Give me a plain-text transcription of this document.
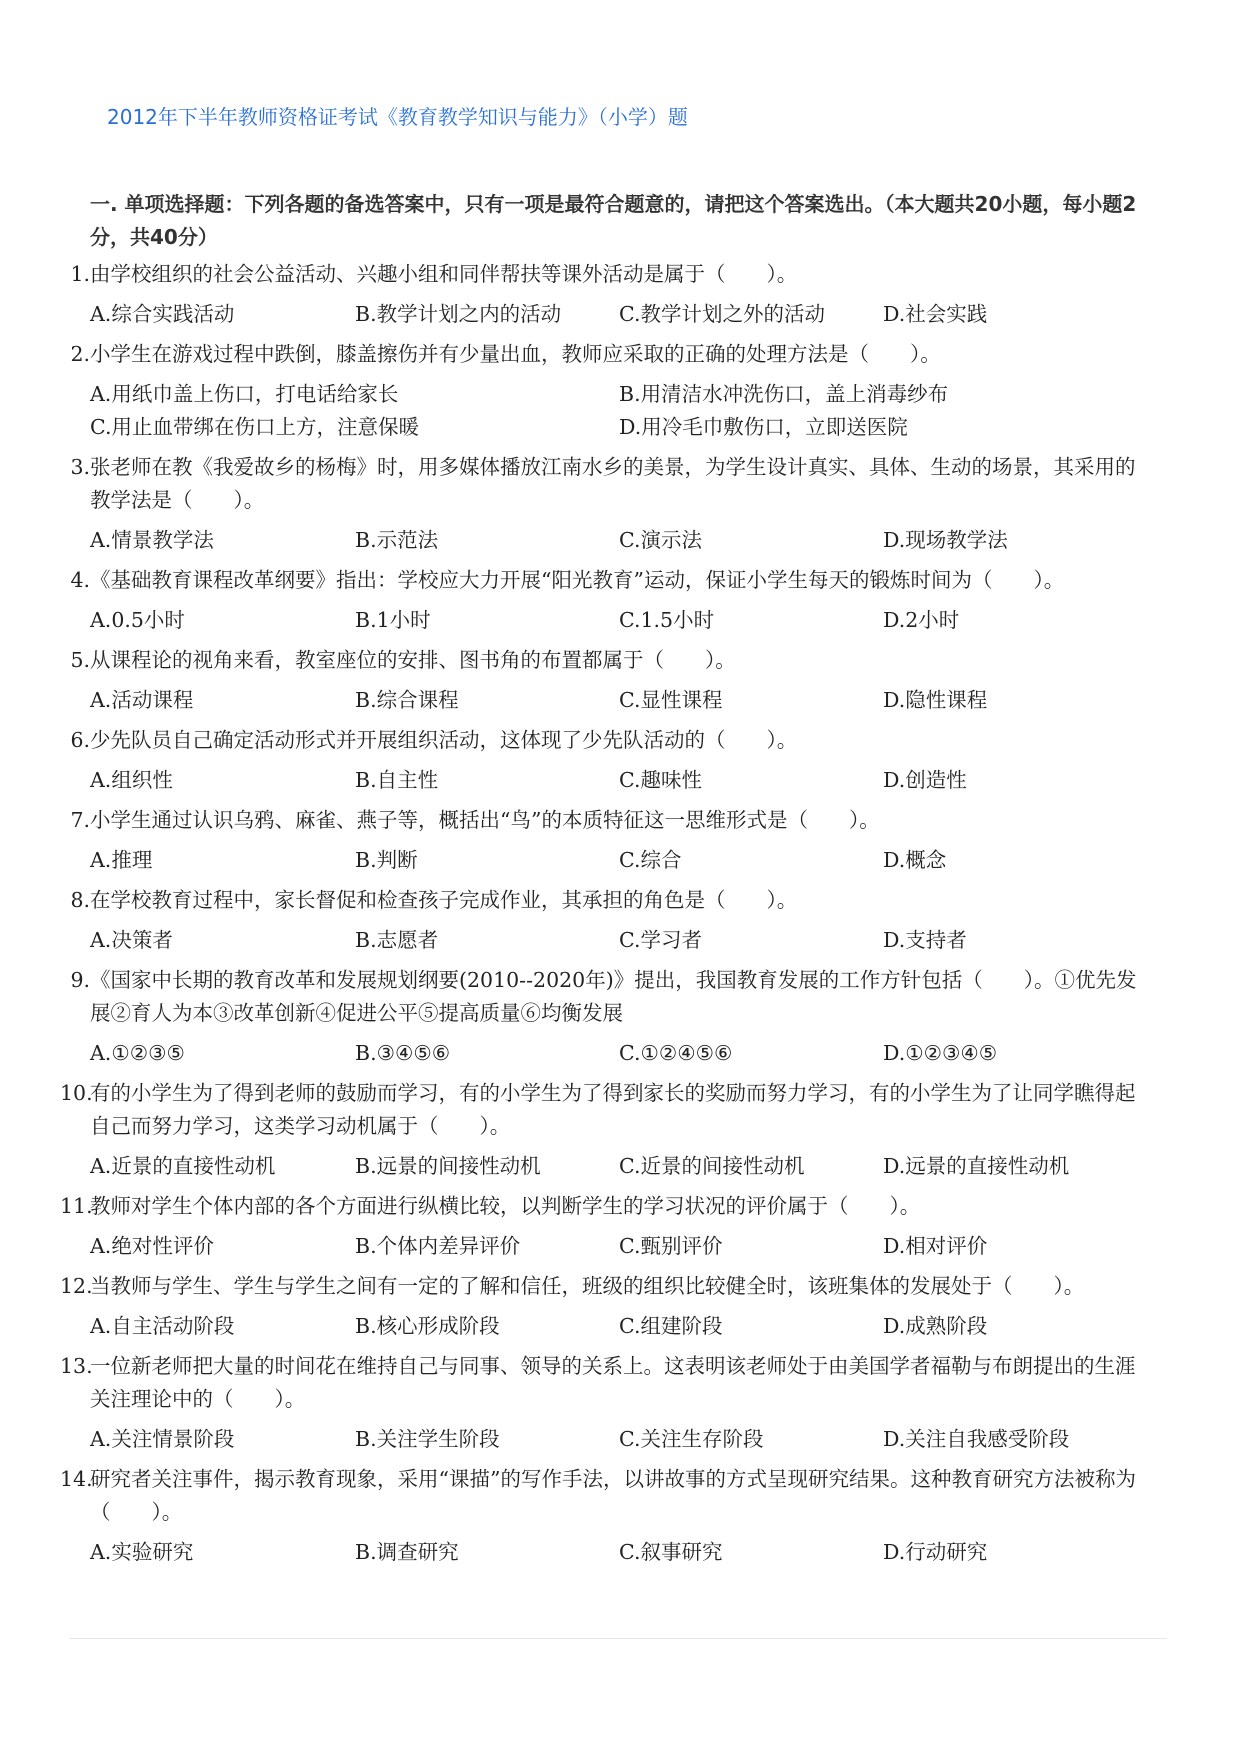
2012年下半年教师资格证考试《教育教学知识与能力》（小学）题
一. 单项选择题：下列各题的备选答案中，只有一项是最符合题意的，请把这个答案选出。（本大题共20小题，每小题2分，共40分）
1. 由学校组织的社会公益活动、兴趣小组和同伴帮扶等课外活动是属于（　　）。
A.综合实践活动	B.教学计划之内的活动	C.教学计划之外的活动	D.社会实践
2. 小学生在游戏过程中跌倒，膝盖擦伤并有少量出血，教师应采取的正确的处理方法是（　　）。
A.用纸巾盖上伤口，打电话给家长	B.用清洁水冲洗伤口，盖上消毒纱布
C.用止血带绑在伤口上方，注意保暖	D.用冷毛巾敷伤口，立即送医院
3. 张老师在教《我爱故乡的杨梅》时，用多媒体播放江南水乡的美景，为学生设计真实、具体、生动的场景，其采用的教学法是（　　）。
A.情景教学法	B.示范法	C.演示法	D.现场教学法
4. 《基础教育课程改革纲要》指出：学校应大力开展“阳光教育”运动，保证小学生每天的锻炼时间为（　　）。
A.0.5小时	B.1小时	C.1.5小时	D.2小时
5. 从课程论的视角来看，教室座位的安排、图书角的布置都属于（　　）。
A.活动课程	B.综合课程	C.显性课程	D.隐性课程
6. 少先队员自己确定活动形式并开展组织活动，这体现了少先队活动的（　　）。
A.组织性	B.自主性	C.趣味性	D.创造性
7. 小学生通过认识乌鸦、麻雀、燕子等，概括出“鸟”的本质特征这一思维形式是（　　）。
A.推理	B.判断	C.综合	D.概念
8. 在学校教育过程中，家长督促和检查孩子完成作业，其承担的角色是（　　）。
A.决策者	B.志愿者	C.学习者	D.支持者
9. 《国家中长期的教育改革和发展规划纲要(2010--2020年)》提出，我国教育发展的工作方针包括（　　）。①优先发展②育人为本③改革创新④促进公平⑤提高质量⑥均衡发展
A.①②③⑤	B.③④⑤⑥	C.①②④⑤⑥	D.①②③④⑤
10.
有的小学生为了得到老师的鼓励而学习，有的小学生为了得到家长的奖励而努力学习，有的小学生为了让同学瞧得起自己而努力学习，这类学习动机属于（　　）。
A.近景的直接性动机	B.远景的间接性动机	C.近景的间接性动机	D.远景的直接性动机
11.
教师对学生个体内部的各个方面进行纵横比较，以判断学生的学习状况的评价属于（　　）。
A.绝对性评价	B.个体内差异评价	C.甄别评价	D.相对评价
12.
当教师与学生、学生与学生之间有一定的了解和信任，班级的组织比较健全时，该班集体的发展处于（　　）。
A.自主活动阶段	B.核心形成阶段	C.组建阶段	D.成熟阶段
13.
一位新老师把大量的时间花在维持自己与同事、领导的关系上。这表明该老师处于由美国学者福勒与布朗提出的生涯关注理论中的（　　）。
A.关注情景阶段	B.关注学生阶段	C.关注生存阶段	D.关注自我感受阶段
14.
研究者关注事件，揭示教育现象，采用“课描”的写作手法，以讲故事的方式呈现研究结果。这种教育研究方法被称为（　　）。
A.实验研究	B.调查研究	C.叙事研究	D.行动研究
